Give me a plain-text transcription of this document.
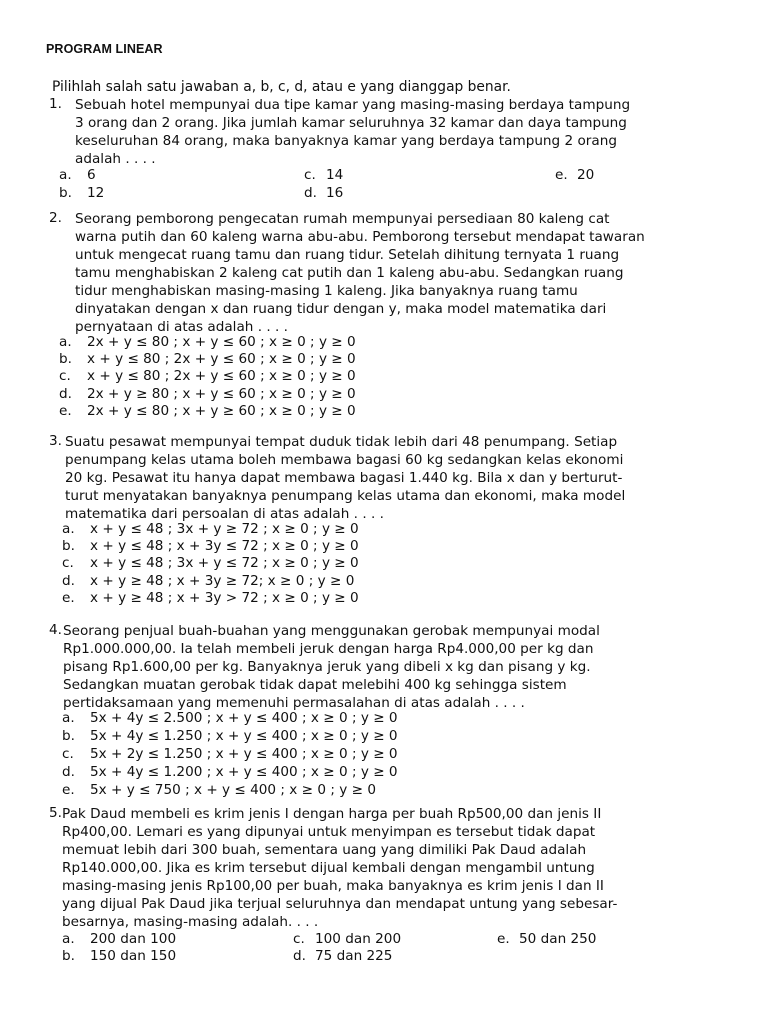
PROGRAM LINEAR
Pilihlah salah satu jawaban a, b, c, d, atau e yang dianggap benar.
1. Sebuah hotel mempunyai dua tipe kamar yang masing-masing berdaya tampung
3 orang dan 2 orang. Jika jumlah kamar seluruhnya 32 kamar dan daya tampung
keseluruhan 84 orang, maka banyaknya kamar yang berdaya tampung 2 orang
adalah . . . .
a. 6
b. 12
c. 14
d. 16
e. 20
2. Seorang pemborong pengecatan rumah mempunyai persediaan 80 kaleng cat
warna putih dan 60 kaleng warna abu-abu. Pemborong tersebut mendapat tawaran
untuk mengecat ruang tamu dan ruang tidur. Setelah dihitung ternyata 1 ruang
tamu menghabiskan 2 kaleng cat putih dan 1 kaleng abu-abu. Sedangkan ruang
tidur menghabiskan masing-masing 1 kaleng. Jika banyaknya ruang tamu
dinyatakan dengan x dan ruang tidur dengan y, maka model matematika dari
pernyataan di atas adalah . . . .
a. 2x + y ≤ 80 ; x + y ≤ 60 ; x ≥ 0 ; y ≥ 0
b. x + y ≤ 80 ; 2x + y ≤ 60 ; x ≥ 0 ; y ≥ 0
c. x + y ≤ 80 ; 2x + y ≤ 60 ; x ≥ 0 ; y ≥ 0
d. 2x + y ≥ 80 ; x + y ≤ 60 ; x ≥ 0 ; y ≥ 0
e. 2x + y ≤ 80 ; x + y ≥ 60 ; x ≥ 0 ; y ≥ 0
3. Suatu pesawat mempunyai tempat duduk tidak lebih dari 48 penumpang. Setiap
penumpang kelas utama boleh membawa bagasi 60 kg sedangkan kelas ekonomi
20 kg. Pesawat itu hanya dapat membawa bagasi 1.440 kg. Bila x dan y berturut-
turut menyatakan banyaknya penumpang kelas utama dan ekonomi, maka model
matematika dari persoalan di atas adalah . . . .
a. x + y ≤ 48 ; 3x + y ≥ 72 ; x ≥ 0 ; y ≥ 0
b. x + y ≤ 48 ; x + 3y ≤ 72 ; x ≥ 0 ; y ≥ 0
c. x + y ≤ 48 ; 3x + y ≤ 72 ; x ≥ 0 ; y ≥ 0
d. x + y ≥ 48 ; x + 3y ≥ 72; x ≥ 0 ; y ≥ 0
e. x + y ≥ 48 ; x + 3y > 72 ; x ≥ 0 ; y ≥ 0
4. Seorang penjual buah-buahan yang menggunakan gerobak mempunyai modal
Rp1.000.000,00. Ia telah membeli jeruk dengan harga Rp4.000,00 per kg dan
pisang Rp1.600,00 per kg. Banyaknya jeruk yang dibeli x kg dan pisang y kg.
Sedangkan muatan gerobak tidak dapat melebihi 400 kg sehingga sistem
pertidaksamaan yang memenuhi permasalahan di atas adalah . . . .
a. 5x + 4y ≤ 2.500 ; x + y ≤ 400 ; x ≥ 0 ; y ≥ 0
b. 5x + 4y ≤ 1.250 ; x + y ≤ 400 ; x ≥ 0 ; y ≥ 0
c. 5x + 2y ≤ 1.250 ; x + y ≤ 400 ; x ≥ 0 ; y ≥ 0
d. 5x + 4y ≤ 1.200 ; x + y ≤ 400 ; x ≥ 0 ; y ≥ 0
e. 5x + y ≤ 750 ; x + y ≤ 400 ; x ≥ 0 ; y ≥ 0
5. Pak Daud membeli es krim jenis I dengan harga per buah Rp500,00 dan jenis II
Rp400,00. Lemari es yang dipunyai untuk menyimpan es tersebut tidak dapat
memuat lebih dari 300 buah, sementara uang yang dimiliki Pak Daud adalah
Rp140.000,00. Jika es krim tersebut dijual kembali dengan mengambil untung
masing-masing jenis Rp100,00 per buah, maka banyaknya es krim jenis I dan II
yang dijual Pak Daud jika terjual seluruhnya dan mendapat untung yang sebesar-
besarnya, masing-masing adalah. . . .
a. 200 dan 100
b. 150 dan 150
c. 100 dan 200
d. 75 dan 225
e. 50 dan 250
